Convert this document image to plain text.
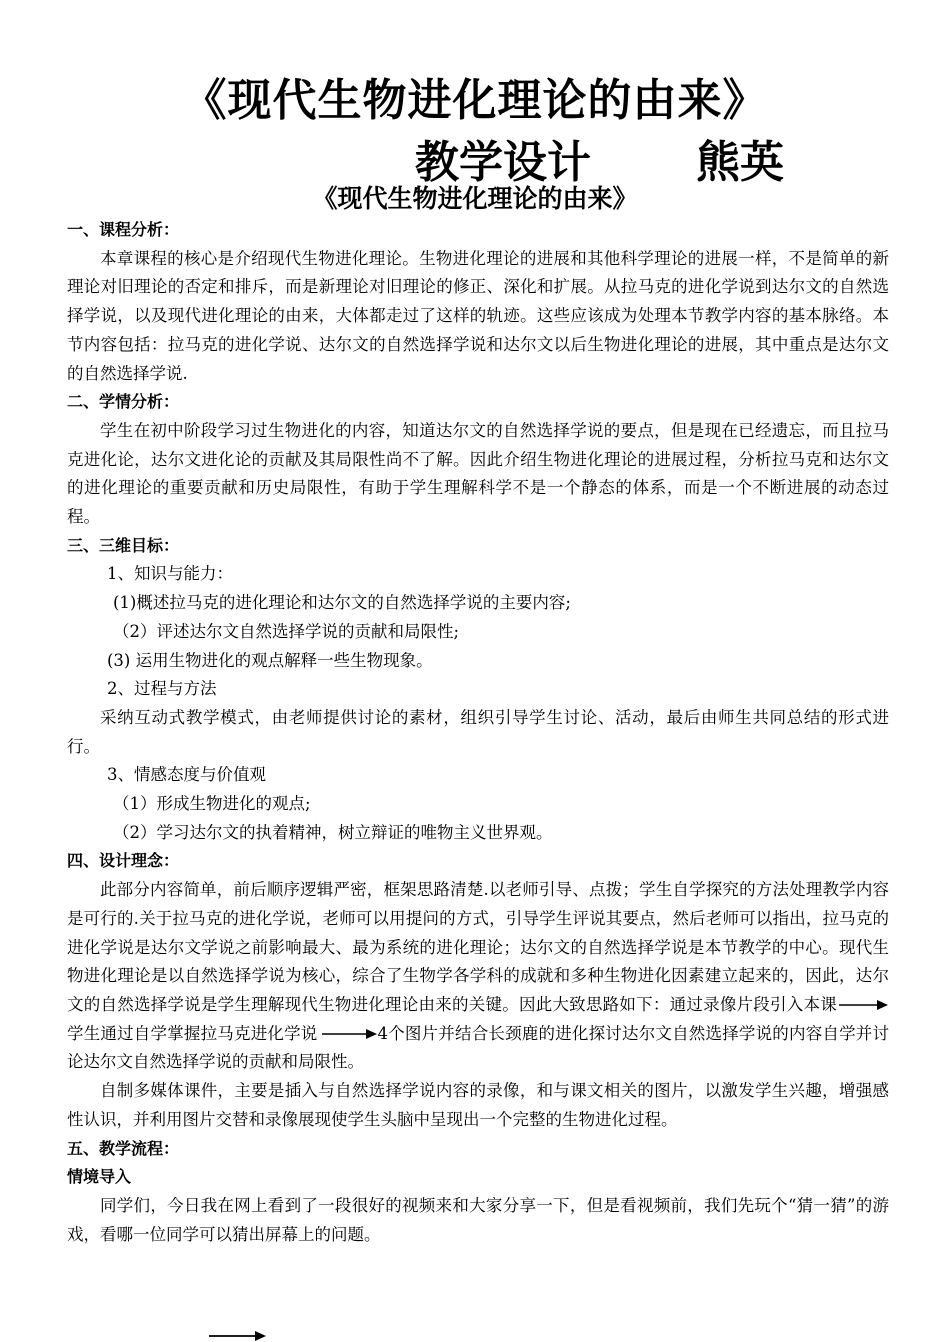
《现代生物进化理论的由来》
教学设计 熊英
《现代生物进化理论的由来》

一、课程分析：

本章课程的核心是介绍现代生物进化理论。生物进化理论的进展和其他科学理论的进展一样，不是简单的新理论对旧理论的否定和排斥，而是新理论对旧理论的修正、深化和扩展。从拉马克的进化学说到达尔文的自然选择学说，以及现代进化理论的由来，大体都走过了这样的轨迹。这些应该成为处理本节教学内容的基本脉络。本节内容包括：拉马克的进化学说、达尔文的自然选择学说和达尔文以后生物进化理论的进展，其中重点是达尔文的自然选择学说.

二、学情分析：

学生在初中阶段学习过生物进化的内容，知道达尔文的自然选择学说的要点，但是现在已经遗忘，而且拉马克进化论，达尔文进化论的贡献及其局限性尚不了解。因此介绍生物进化理论的进展过程，分析拉马克和达尔文的进化理论的重要贡献和历史局限性，有助于学生理解科学不是一个静态的体系，而是一个不断进展的动态过程。

三、三维目标：

1、知识与能力：

(1)概述拉马克的进化理论和达尔文的自然选择学说的主要内容;

（2）评述达尔文自然选择学说的贡献和局限性;

(3) 运用生物进化的观点解释一些生物现象。

2、过程与方法

采纳互动式教学模式，由老师提供讨论的素材，组织引导学生讨论、活动，最后由师生共同总结的形式进行。

3、情感态度与价值观

（1）形成生物进化的观点;

（2）学习达尔文的执着精神，树立辩证的唯物主义世界观。

四、设计理念：

此部分内容简单，前后顺序逻辑严密，框架思路清楚.以老师引导、点拨；学生自学探究的方法处理教学内容是可行的.关于拉马克的进化学说，老师可以用提问的方式，引导学生评说其要点，然后老师可以指出，拉马克的进化学说是达尔文学说之前影响最大、最为系统的进化理论；达尔文的自然选择学说是本节教学的中心。现代生物进化理论是以自然选择学说为核心，综合了生物学各学科的成就和多种生物进化因素建立起来的，因此，达尔文的自然选择学说是学生理解现代生物进化理论由来的关键。因此大致思路如下：通过录像片段引入本课学生通过自学掌握拉马克进化学说	4个图片并结合长颈鹿的进化探讨达尔文自然选择学说的内容自学并讨论达尔文自然选择学说的贡献和局限性。

自制多媒体课件，主要是插入与自然选择学说内容的录像，和与课文相关的图片，以激发学生兴趣，增强感性认识，并利用图片交替和录像展现使学生头脑中呈现出一个完整的生物进化过程。

五、教学流程：

情境导入

同学们，今日我在网上看到了一段很好的视频来和大家分享一下，但是看视频前，我们先玩个“猜一猜”的游戏，看哪一位同学可以猜出屏幕上的问题。
